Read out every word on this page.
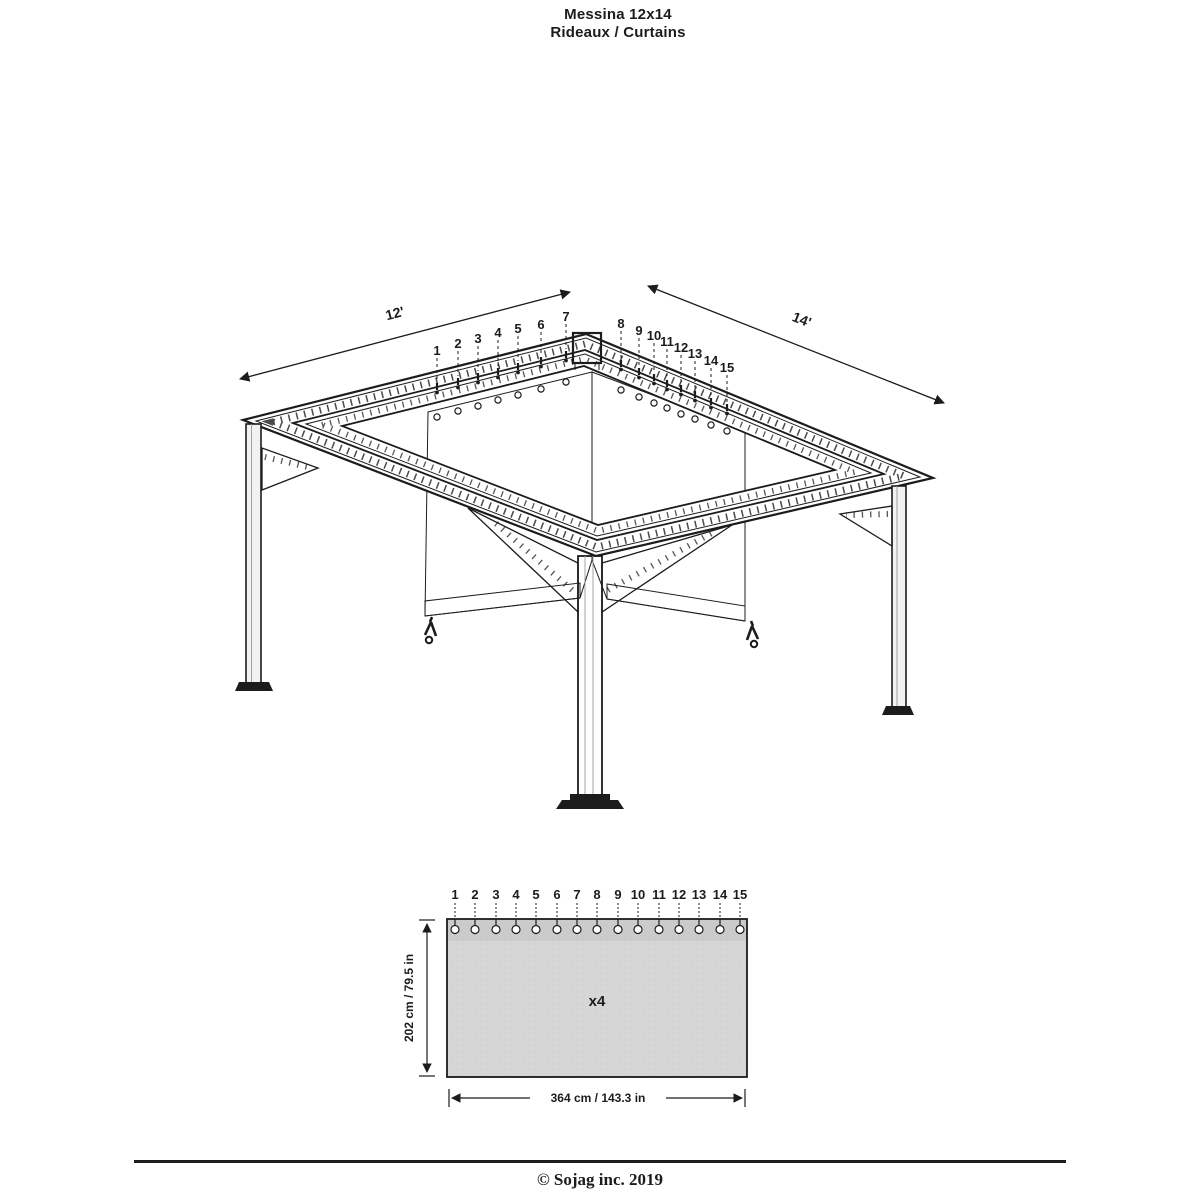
Messina 12x14
Rideaux / Curtains
12'	14'
1 2 3 4 5 6
7	8 9 10
11 12 13 14 15
1 2 3 4 5 6 7 8 9 10 11 12 13 14 15
x4
202 cm / 79.5 in
364 cm / 143.3 in
© Sojag inc. 2019
